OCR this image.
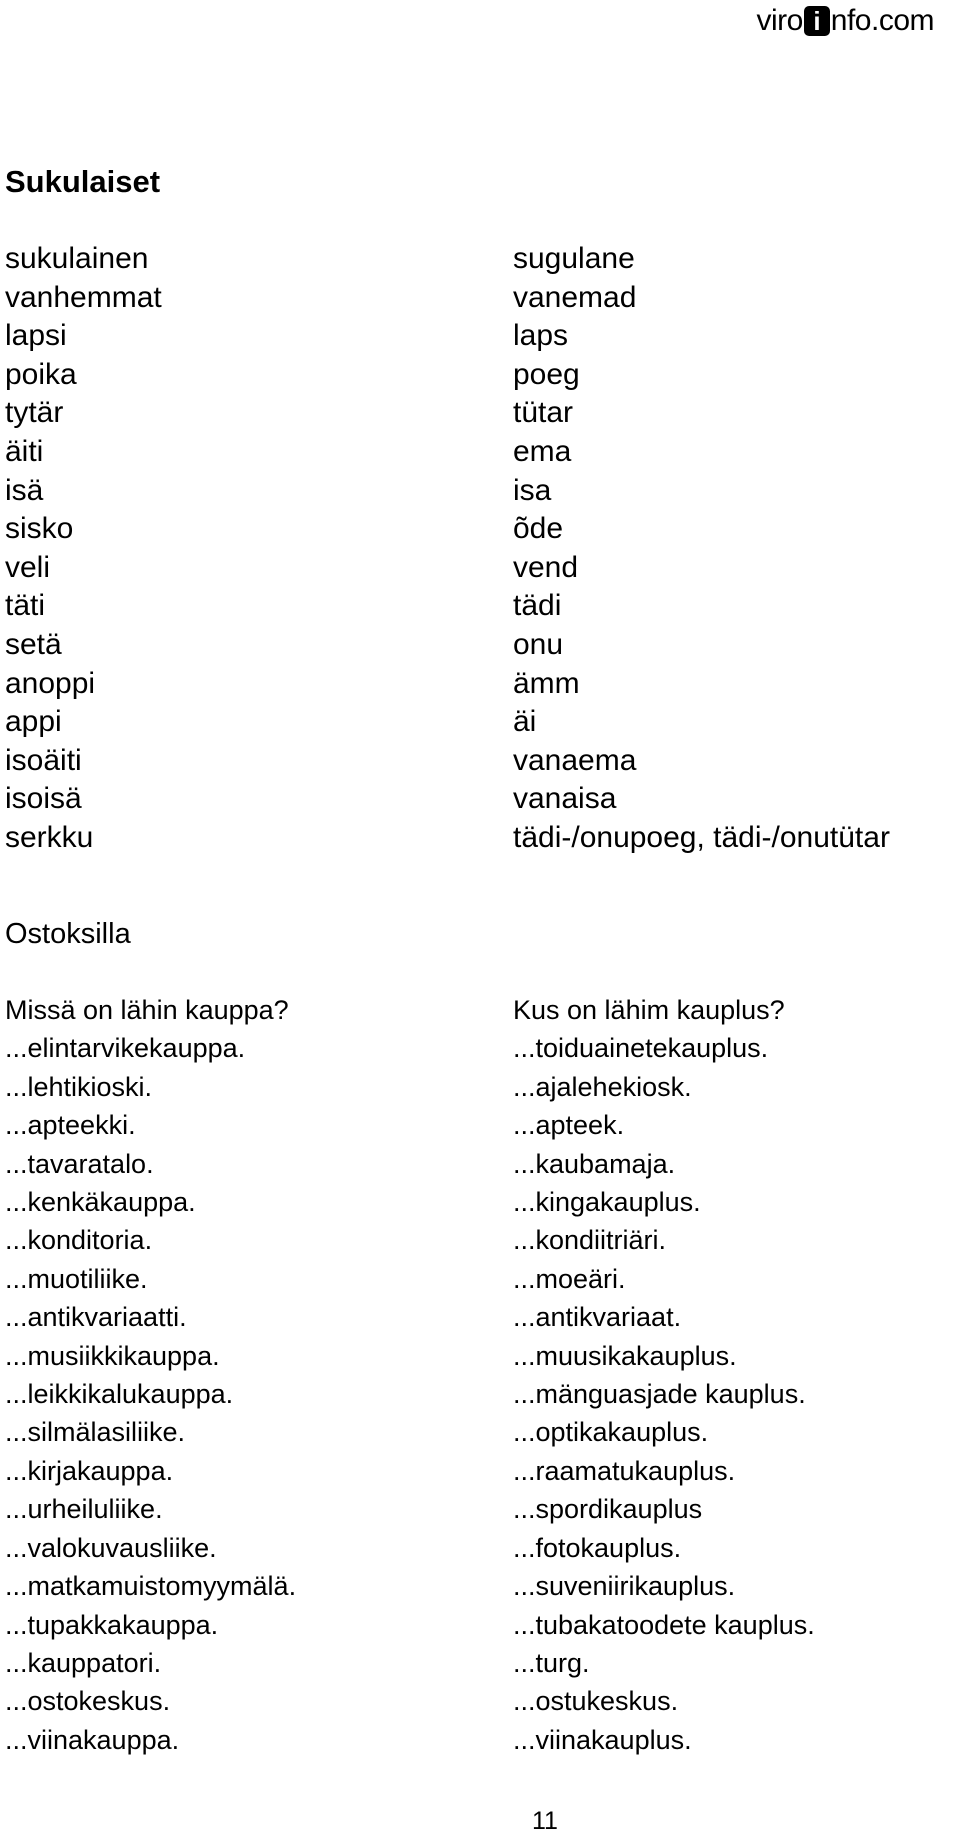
viro i nfo.com
Sukulaiset
sukulainen
vanhemmat
lapsi
poika
tytär
äiti
isä
sisko
veli
täti
setä
anoppi
appi
isoäiti
isoisä
serkku
sugulane
vanemad
laps
poeg
tütar
ema
isa
õde
vend
tädi
onu
ämm
äi
vanaema
vanaisa
tädi-/onupoeg, tädi-/onutütar
Ostoksilla
Missä on lähin kauppa?
...elintarvikekauppa.
...lehtikioski.
...apteekki.
...tavaratalo.
...kenkäkauppa.
...konditoria.
...muotiliike.
...antikvariaatti.
...musiikkikauppa.
...leikkikalukauppa.
...silmälasiliike.
...kirjakauppa.
...urheiluliike.
...valokuvausliike.
...matkamuistomyymälä.
...tupakkakauppa.
...kauppatori.
...ostokeskus.
...viinakauppa.
Kus on lähim kauplus?
...toiduainetekauplus.
...ajalehekiosk.
...apteek.
...kaubamaja.
...kingakauplus.
...kondiitriäri.
...moeäri.
...antikvariaat.
...muusikakauplus.
...mänguasjade kauplus.
...optikakauplus.
...raamatukauplus.
...spordikauplus
...fotokauplus.
...suveniirikauplus.
...tubakatoodete kauplus.
...turg.
...ostukeskus.
...viinakauplus.
11
